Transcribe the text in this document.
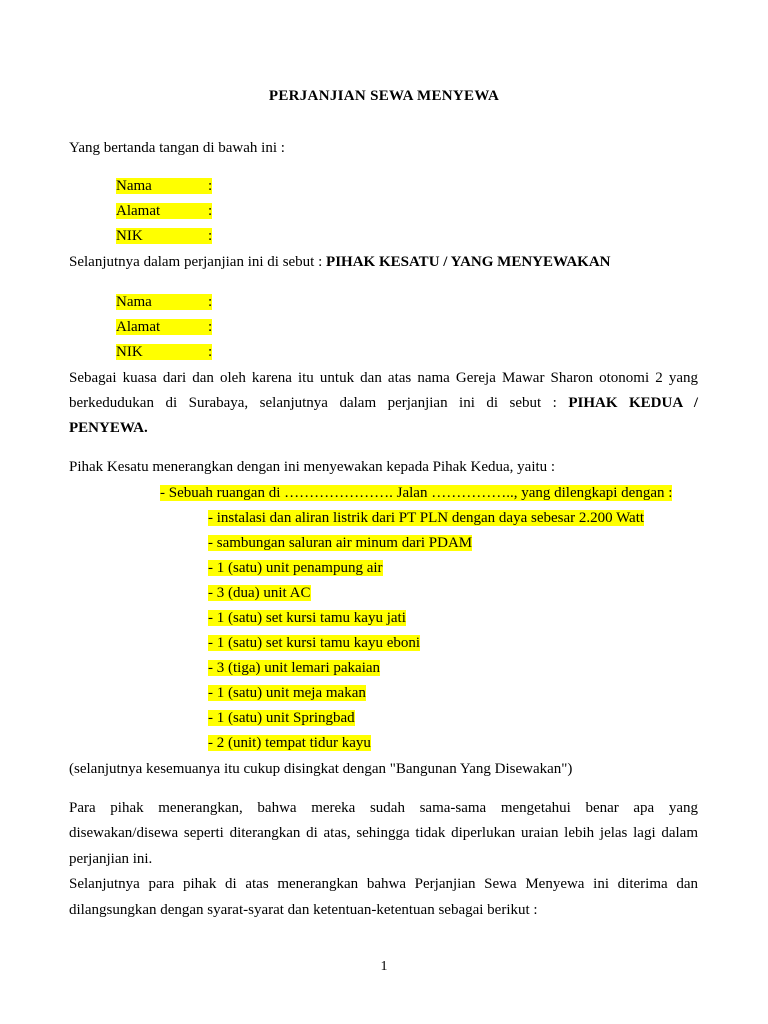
PERJANJIAN SEWA MENYEWA
Yang bertanda tangan di bawah ini :
Nama	:
Alamat	:
NIK	:
Selanjutnya dalam perjanjian ini di sebut : PIHAK KESATU / YANG MENYEWAKAN
Nama	:
Alamat	:
NIK	:
Sebagai kuasa dari dan oleh karena itu untuk dan atas nama Gereja Mawar Sharon otonomi 2 yang
berkedudukan di Surabaya, selanjutnya dalam perjanjian ini di sebut : PIHAK KEDUA /
PENYEWA.
Pihak Kesatu menerangkan dengan ini menyewakan kepada Pihak Kedua, yaitu :
- Sebuah ruangan di …………………. Jalan …………….., yang dilengkapi dengan :
- instalasi dan aliran listrik dari PT PLN dengan daya sebesar 2.200 Watt
- sambungan saluran air minum dari PDAM
- 1 (satu) unit penampung air
- 3 (dua) unit AC
- 1 (satu) set kursi tamu kayu jati
- 1 (satu) set kursi tamu kayu eboni
- 3 (tiga) unit lemari pakaian
- 1 (satu) unit meja makan
- 1 (satu) unit Springbad
- 2 (unit) tempat tidur kayu
(selanjutnya kesemuanya itu cukup disingkat dengan "Bangunan Yang Disewakan")
Para pihak menerangkan, bahwa mereka sudah sama-sama mengetahui benar apa yang
disewakan/disewa seperti diterangkan di atas, sehingga tidak diperlukan uraian lebih jelas lagi dalam
perjanjian ini.
Selanjutnya para pihak di atas menerangkan bahwa Perjanjian Sewa Menyewa ini diterima dan
dilangsungkan dengan syarat-syarat dan ketentuan-ketentuan sebagai berikut :
1
